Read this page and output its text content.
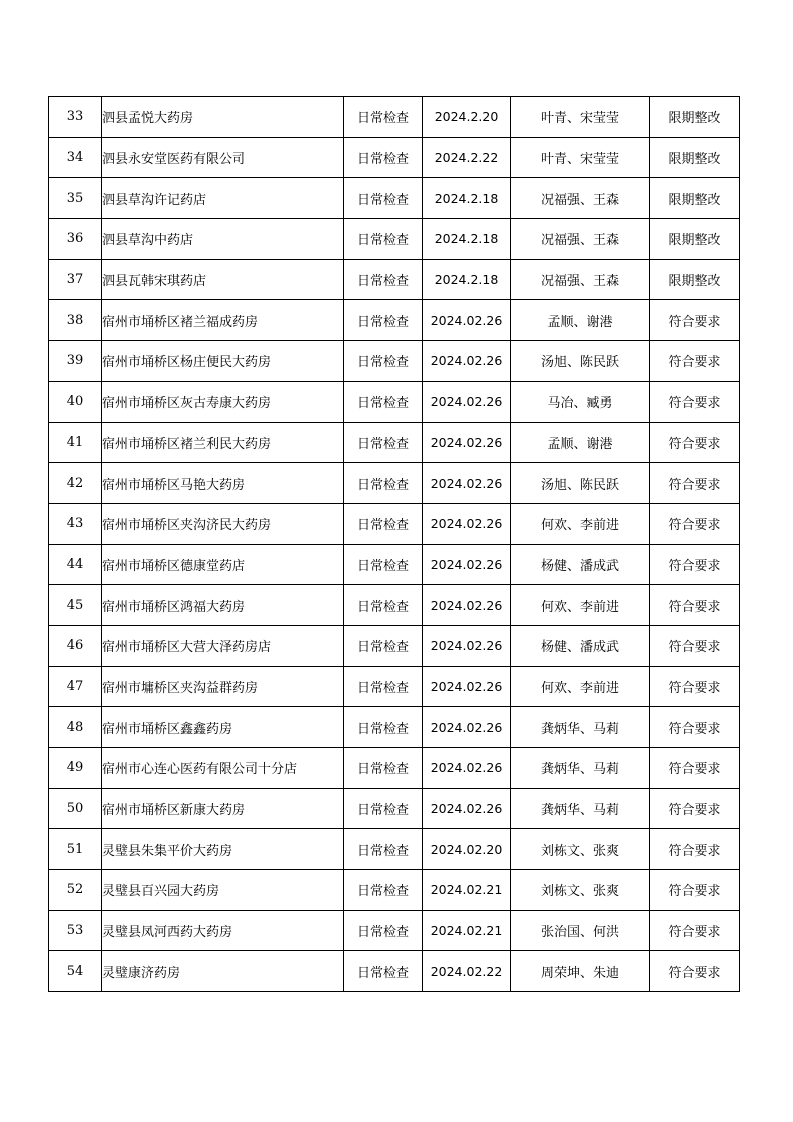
33	泗县孟悦大药房	日常检查	2024.2.20	叶青、宋莹莹	限期整改
34	泗县永安堂医药有限公司	日常检查	2024.2.22	叶青、宋莹莹	限期整改
35	泗县草沟许记药店	日常检查	2024.2.18	况福强、王森	限期整改
36	泗县草沟中药店	日常检查	2024.2.18	况福强、王森	限期整改
37	泗县瓦韩宋琪药店	日常检查	2024.2.18	况福强、王森	限期整改
38	宿州市埇桥区褚兰福成药房	日常检查	2024.02.26	孟顺、谢港	符合要求
39	宿州市埇桥区杨庄便民大药房	日常检查	2024.02.26	汤旭、陈民跃	符合要求
40	宿州市埇桥区灰古寿康大药房	日常检查	2024.02.26	马冶、臧勇	符合要求
41	宿州市埇桥区褚兰利民大药房	日常检查	2024.02.26	孟顺、谢港	符合要求
42	宿州市埇桥区马艳大药房	日常检查	2024.02.26	汤旭、陈民跃	符合要求
43	宿州市埇桥区夹沟济民大药房	日常检查	2024.02.26	何欢、李前进	符合要求
44	宿州市埇桥区德康堂药店	日常检查	2024.02.26	杨健、潘成武	符合要求
45	宿州市埇桥区鸿福大药房	日常检查	2024.02.26	何欢、李前进	符合要求
46	宿州市埇桥区大营大泽药房店	日常检查	2024.02.26	杨健、潘成武	符合要求
47	宿州市墉桥区夹沟益群药房	日常检查	2024.02.26	何欢、李前进	符合要求
48	宿州市埇桥区鑫鑫药房	日常检查	2024.02.26	龚炳华、马莉	符合要求
49	宿州市心连心医药有限公司十分店	日常检查	2024.02.26	龚炳华、马莉	符合要求
50	宿州市埇桥区新康大药房	日常检查	2024.02.26	龚炳华、马莉	符合要求
51	灵璧县朱集平价大药房	日常检查	2024.02.20	刘栋文、张爽	符合要求
52	灵璧县百兴园大药房	日常检查	2024.02.21	刘栋文、张爽	符合要求
53	灵璧县凤河西药大药房	日常检查	2024.02.21	张治国、何洪	符合要求
54	灵璧康济药房	日常检查	2024.02.22	周荣坤、朱迪	符合要求
